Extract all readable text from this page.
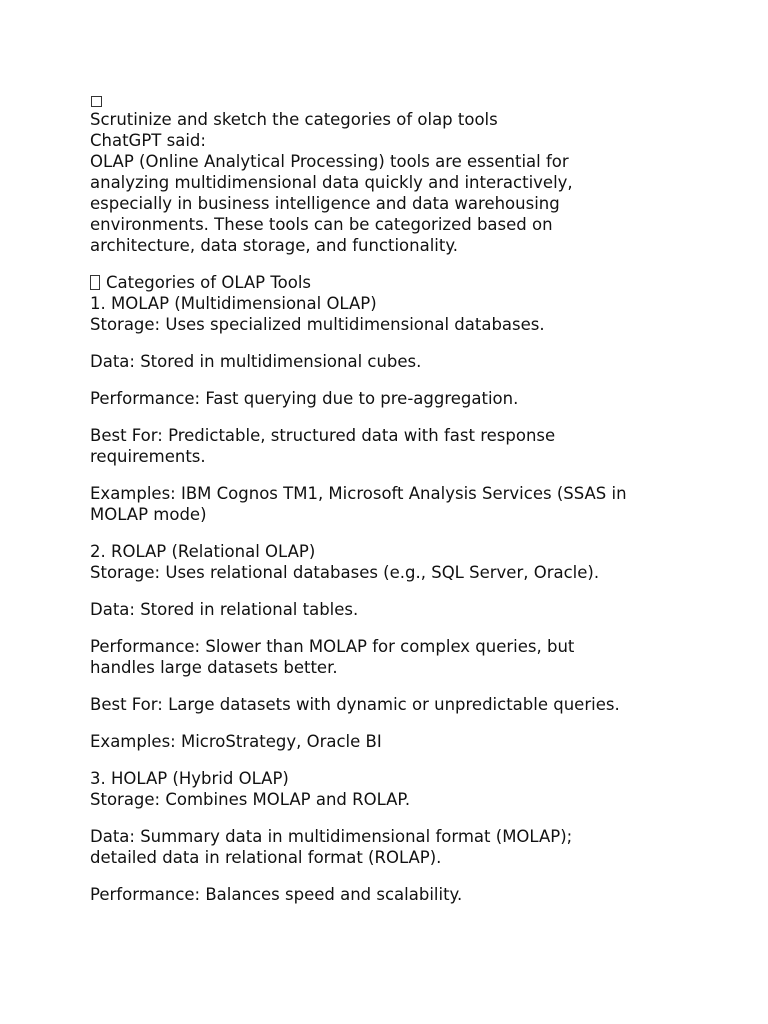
Scrutinize and sketch the categories of olap tools
ChatGPT said:
OLAP (Online Analytical Processing) tools are essential for
analyzing multidimensional data quickly and interactively,
especially in business intelligence and data warehousing
environments. These tools can be categorized based on
architecture, data storage, and functionality.
Categories of OLAP Tools
1. MOLAP (Multidimensional OLAP)
Storage: Uses specialized multidimensional databases.
Data: Stored in multidimensional cubes.
Performance: Fast querying due to pre-aggregation.
Best For: Predictable, structured data with fast response
requirements.
Examples: IBM Cognos TM1, Microsoft Analysis Services (SSAS in
MOLAP mode)
2. ROLAP (Relational OLAP)
Storage: Uses relational databases (e.g., SQL Server, Oracle).
Data: Stored in relational tables.
Performance: Slower than MOLAP for complex queries, but
handles large datasets better.
Best For: Large datasets with dynamic or unpredictable queries.
Examples: MicroStrategy, Oracle BI
3. HOLAP (Hybrid OLAP)
Storage: Combines MOLAP and ROLAP.
Data: Summary data in multidimensional format (MOLAP);
detailed data in relational format (ROLAP).
Performance: Balances speed and scalability.
